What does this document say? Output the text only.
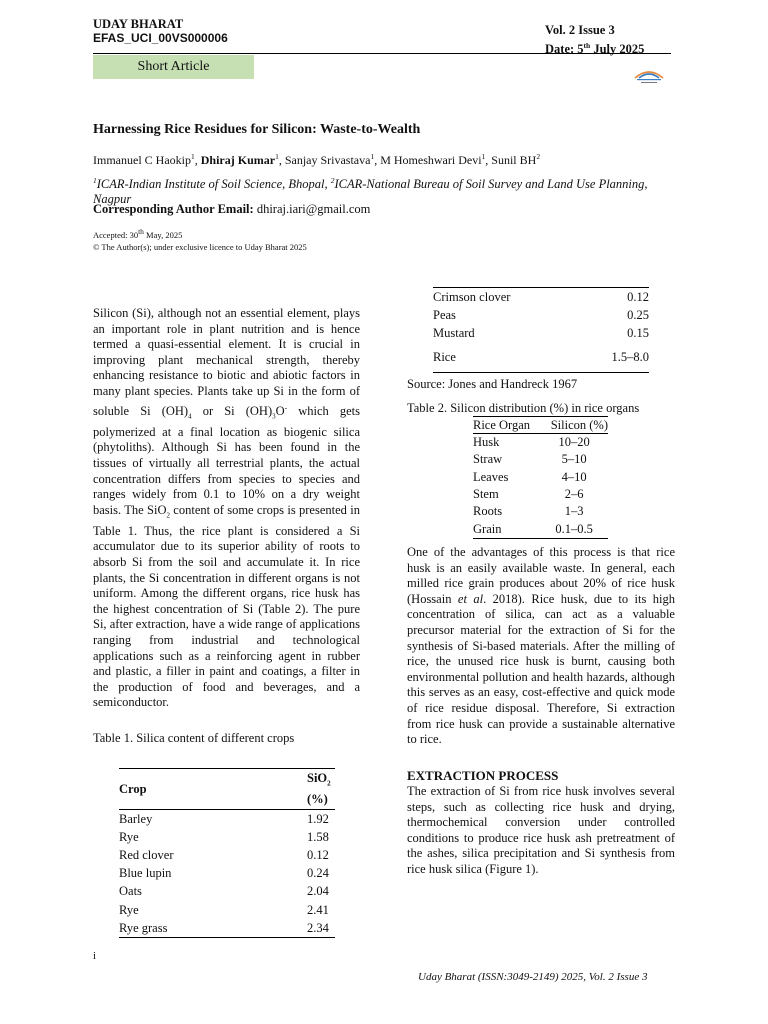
UDAY BHARAT
EFAS_UCI_00VS000006
Vol. 2 Issue 3
Date: 5th July 2025
Short Article
Harnessing Rice Residues for Silicon: Waste-to-Wealth
Immanuel C Haokip$^1$, Dhiraj Kumar$^1$, Sanjay Srivastava$^1$, M Homeshwari Devi$^1$, Sunil $BH^2$
$^1$ICAR-Indian Institute of Soil Science, Bhopal, $^2$ICAR-National Bureau of Soil Survey and Land Use Planning, Nagpur
Corresponding Author Email: dhiraj.iari@gmail.com
Accepted: 30th May, 2025
© The Author(s); under exclusive licence to Uday Bharat 2025
Silicon (Si), although not an essential element, plays an important role in plant nutrition and is hence termed a quasi-essential element. It is crucial in improving plant mechanical strength, thereby enhancing resistance to biotic and abiotic factors in many plant species. Plants take up Si in the form of soluble Si $(OH)_4$ or Si $(OH)_3O^-$ which gets polymerized at a final location as biogenic silica (phytoliths). Although Si has been found in the tissues of virtually all terrestrial plants, the actual concentration differs from species to species and ranges widely from 0.1 to 10% on a dry weight basis. The SiO$_2$ content of some crops is presented in Table 1. Thus, the rice plant is considered a Si accumulator due to its superior ability of roots to absorb Si from the soil and accumulate it. In rice plants, the Si concentration in different organs is not uniform. Among the different organs, rice husk has the highest concentration of Si (Table 2). The pure Si, after extraction, have a wide range of applications ranging from industrial and technological applications such as a reinforcing agent in rubber and plastic, a filler in paint and coatings, a filter in the production of food and beverages, and a semiconductor.
Table 1. Silica content of different crops
Crop	SiO$_2$
(%)
Barley	1.92
Rye	1.58
Red clover	0.12
Blue lupin	0.24
Oats	2.04
Rye	2.41
Rye grass	2.34
Crimson clover	0.12
Peas	0.25
Mustard	0.15
Rice	1.5–8.0
Source: Jones and Handreck 1967
Table 2. Silicon distribution (%) in rice organs
Rice Organ	Silicon (%)
Husk	10–20
Straw	5–10
Leaves	4–10
Stem	2–6
Roots	1–3
Grain	0.1–0.5
One of the advantages of this process is that rice husk is an easily available waste. In general, each milled rice grain produces about 20% of rice husk (Hossain et al. 2018). Rice husk, due to its high concentration of silica, can act as a valuable precursor material for the extraction of Si for the synthesis of Si-based materials. After the milling of rice, the unused rice husk is burnt, causing both environmental pollution and health hazards, although this serves as an easy, cost-effective and quick mode of rice residue disposal. Therefore, Si extraction from rice husk can provide a sustainable alternative to rice.
EXTRACTION PROCESS
The extraction of Si from rice husk involves several steps, such as collecting rice husk and drying, thermochemical conversion under controlled conditions to produce rice husk ash pretreatment of the ashes, silica precipitation and Si synthesis from rice husk silica (Figure 1).
i
Uday Bharat (ISSN:3049-2149) 2025, Vol. 2 Issue 3
